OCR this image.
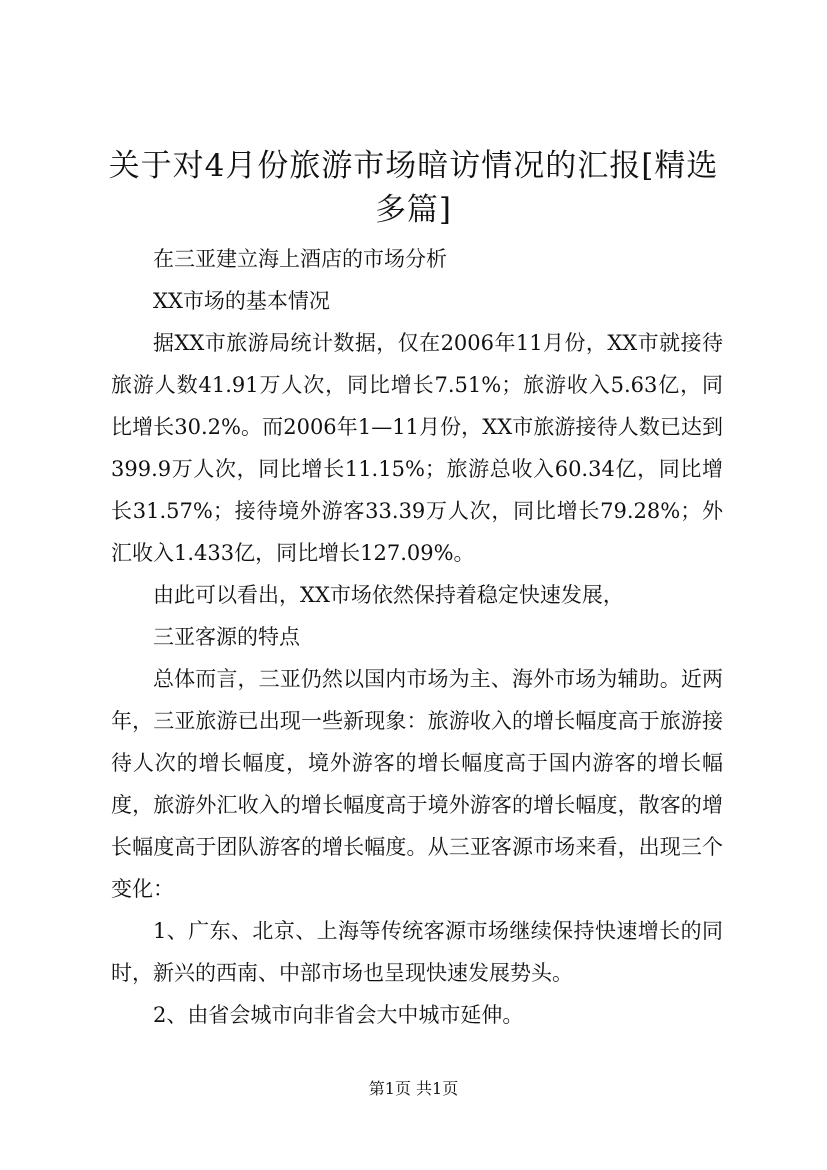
关于对4月份旅游市场暗访情况的汇报[精选多篇]

在三亚建立海上酒店的市场分析

XX市场的基本情况

据XX市旅游局统计数据，仅在2006年11月份，XX市就接待旅游人数41.91万人次，同比增长7.51%；旅游收入5.63亿，同比增长30.2%。而2006年1—11月份，XX市旅游接待人数已达到399.9万人次，同比增长11.15%；旅游总收入60.34亿，同比增长31.57%；接待境外游客33.39万人次，同比增长79.28%；外汇收入1.433亿，同比增长127.09%。

由此可以看出，XX市场依然保持着稳定快速发展，

三亚客源的特点

总体而言，三亚仍然以国内市场为主、海外市场为辅助。近两年，三亚旅游已出现一些新现象：旅游收入的增长幅度高于旅游接待人次的增长幅度，境外游客的增长幅度高于国内游客的增长幅度，旅游外汇收入的增长幅度高于境外游客的增长幅度，散客的增长幅度高于团队游客的增长幅度。从三亚客源市场来看，出现三个变化：

1、广东、北京、上海等传统客源市场继续保持快速增长的同时，新兴的西南、中部市场也呈现快速发展势头。

2、由省会城市向非省会大中城市延伸。

第1页 共1页
